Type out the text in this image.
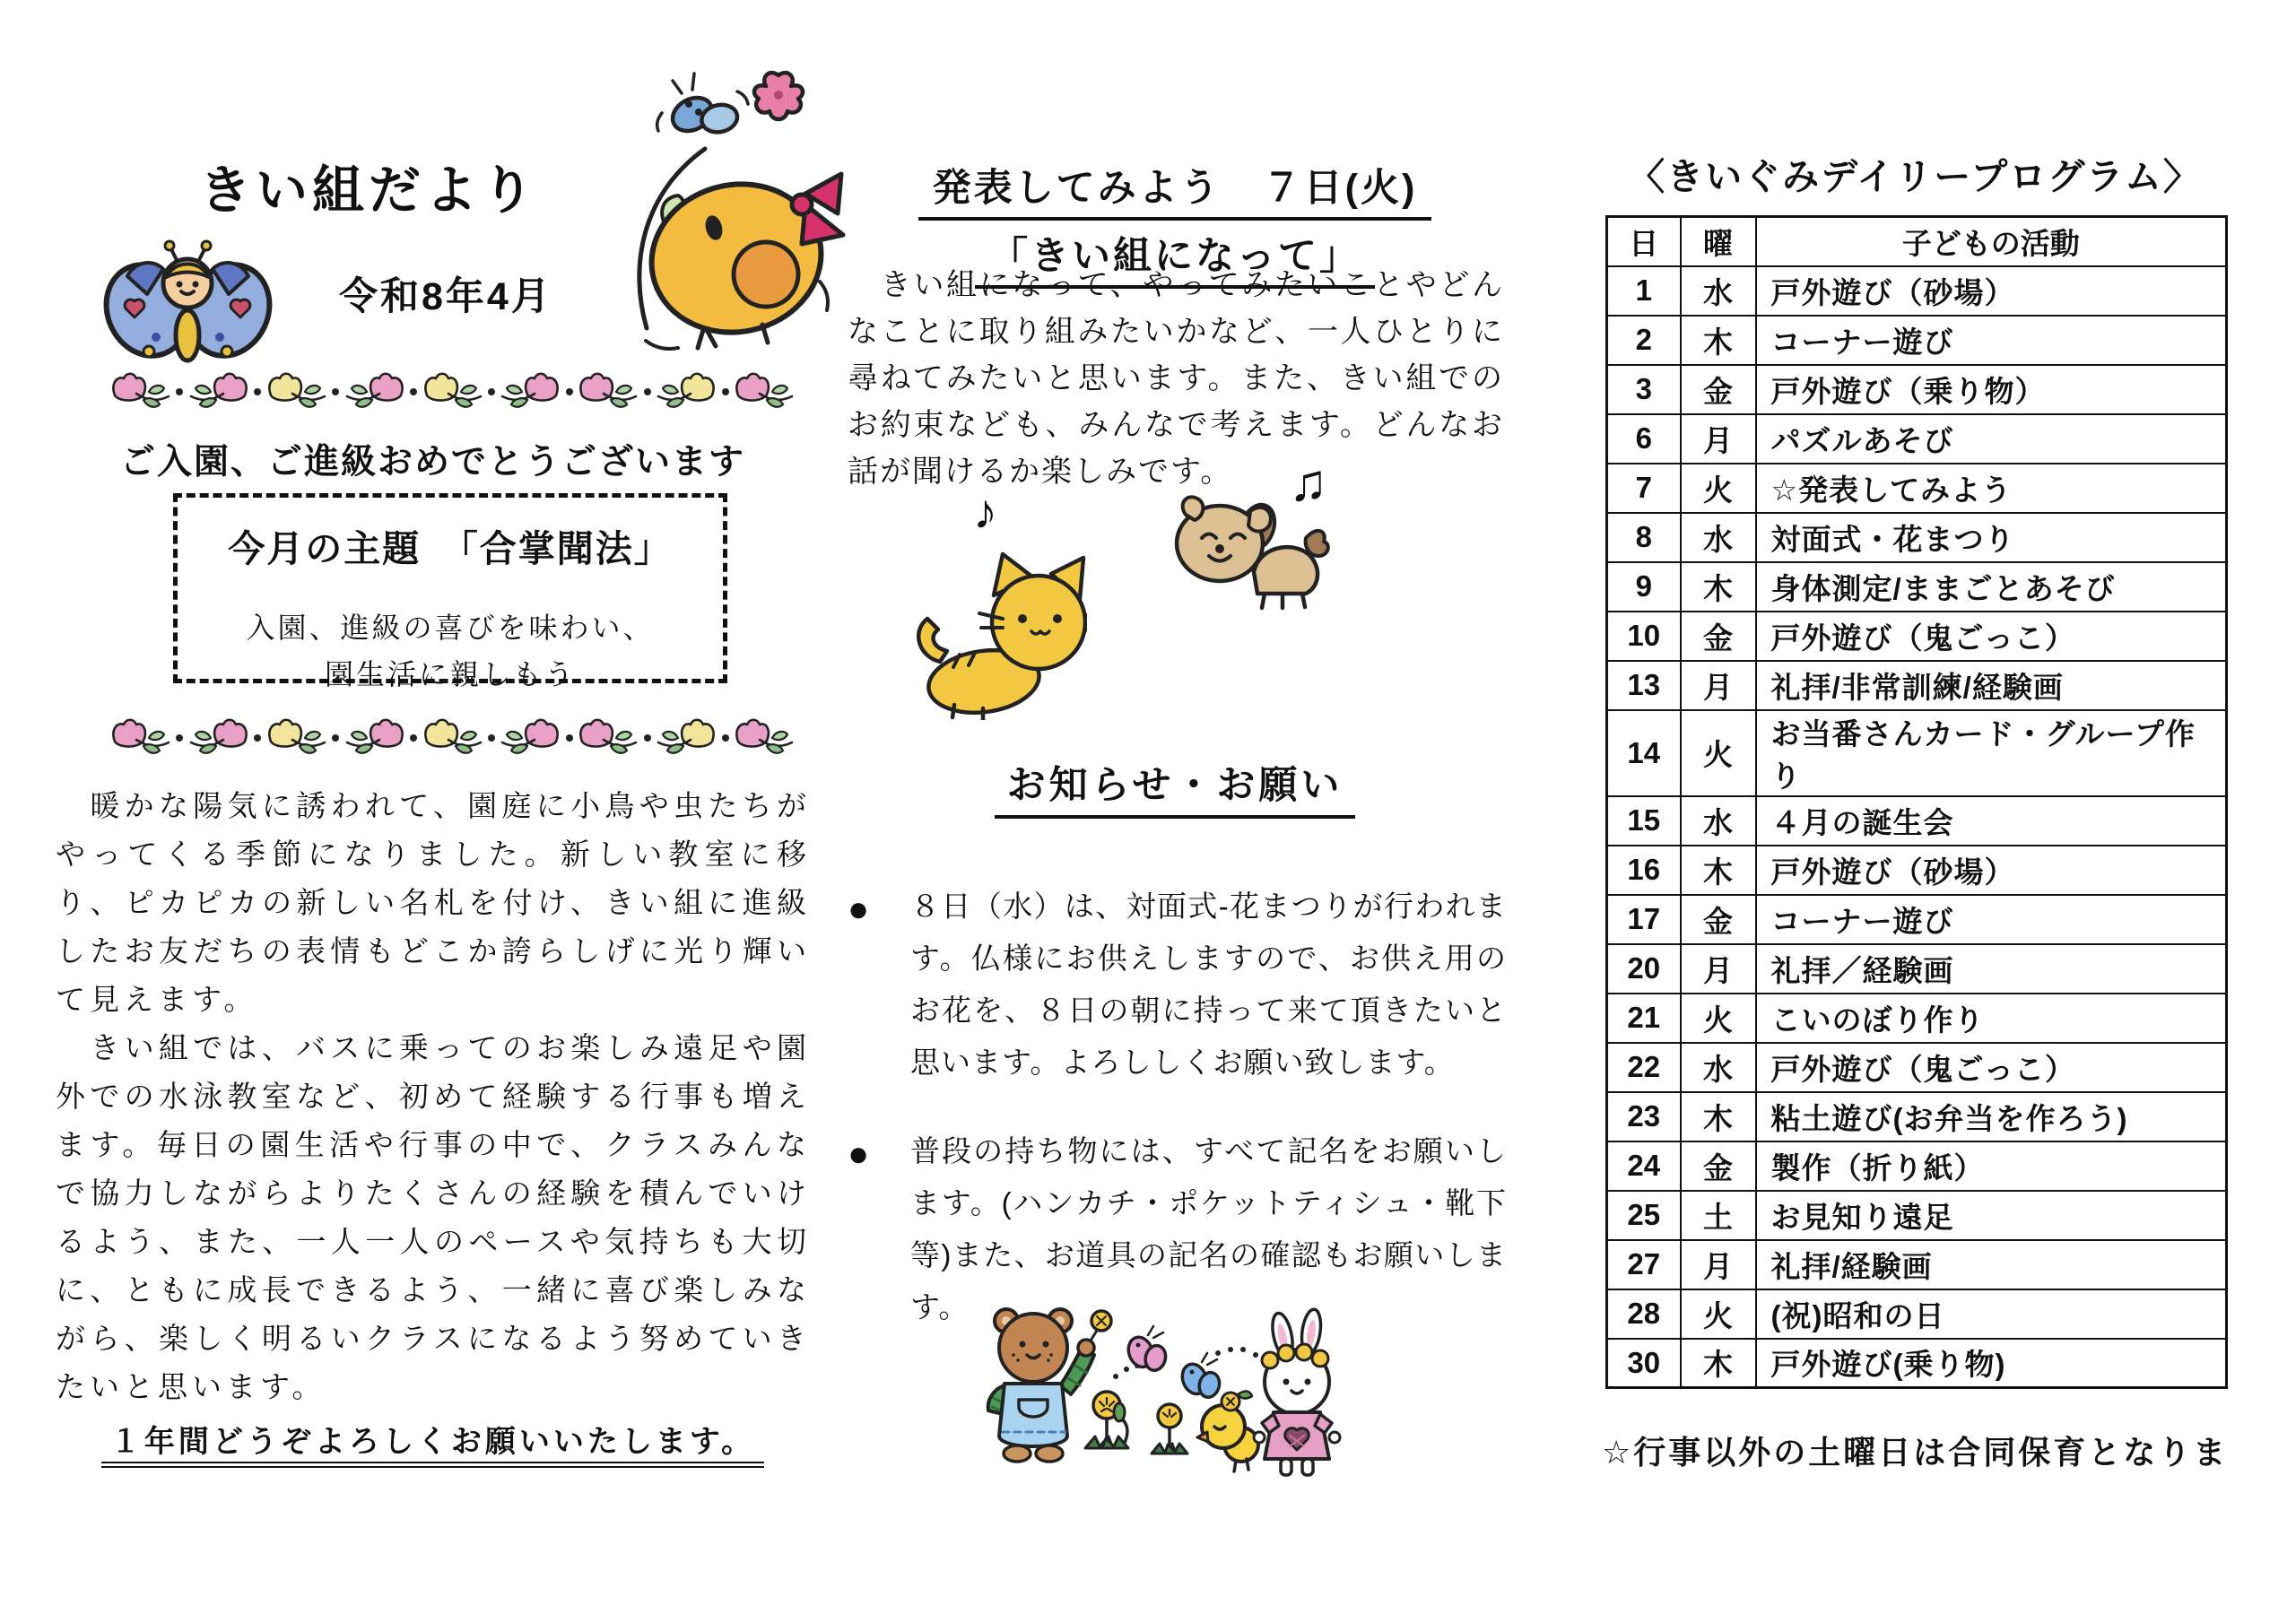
きい組だより
令和8年4月
ご入園、ご進級おめでとうございます
今月の主題　「合掌聞法」
入園、進級の喜びを味わい、
園生活に親しもう

　暖かな陽気に誘われて、園庭に小鳥や虫たちがやってくる季節になりました。新しい教室に移り、ピカピカの新しい名札を付け、きい組に進級したお友だちの表情もどこか誇らしげに光り輝いて見えます。

　きい組では、バスに乗ってのお楽しみ遠足や園外での水泳教室など、初めて経験する行事も増えます。毎日の園生活や行事の中で、クラスみんなで協力しながらよりたくさんの経験を積んでいけるよう、また、一人一人のペースや気持ちも大切に、ともに成長できるよう、一緒に喜び楽しみながら、楽しく明るいクラスになるよう努めていきたいと思います。

１年間どうぞよろしくお願いいたします。
発表してみよう　７日(火)
「きい組になって」

　きい組になって、やってみたいことやどんなことに取り組みたいかなど、一人ひとりに尋ねてみたいと思います。また、きい組でのお約束なども、みんなで考えます。どんなお話が聞けるか楽しみです。

♪	♫
お知らせ・お願い
● ８日（水）は、対面式-花まつりが行われます。仏様にお供えしますので、お供え用のお花を、８日の朝に持って来て頂きたいと思います。よろししくお願い致します。

● 普段の持ち物には、すべて記名をお願いします。(ハンカチ・ポケットティシュ・靴下等)また、お道具の記名の確認もお願いします。

〈きいぐみデイリープログラム〉
日	曜	子どもの活動
1	水	戸外遊び（砂場）
2	木	コーナー遊び
3	金	戸外遊び（乗り物）
6	月	パズルあそび
7	火	☆発表してみよう
8	水	対面式・花まつり
9	木	身体測定/ままごとあそび
10	金	戸外遊び（鬼ごっこ）
13	月	礼拝/非常訓練/経験画
14	火	お当番さんカード・グループ作り
15	水	４月の誕生会
16	木	戸外遊び（砂場）
17	金	コーナー遊び
20	月	礼拝／経験画
21	火	こいのぼり作り
22	水	戸外遊び（鬼ごっこ）
23	木	粘土遊び(お弁当を作ろう)
24	金	製作（折り紙）
25	土	お見知り遠足
27	月	礼拝/経験画
28	火	(祝)昭和の日
30	木	戸外遊び(乗り物)
☆行事以外の土曜日は合同保育となりま
